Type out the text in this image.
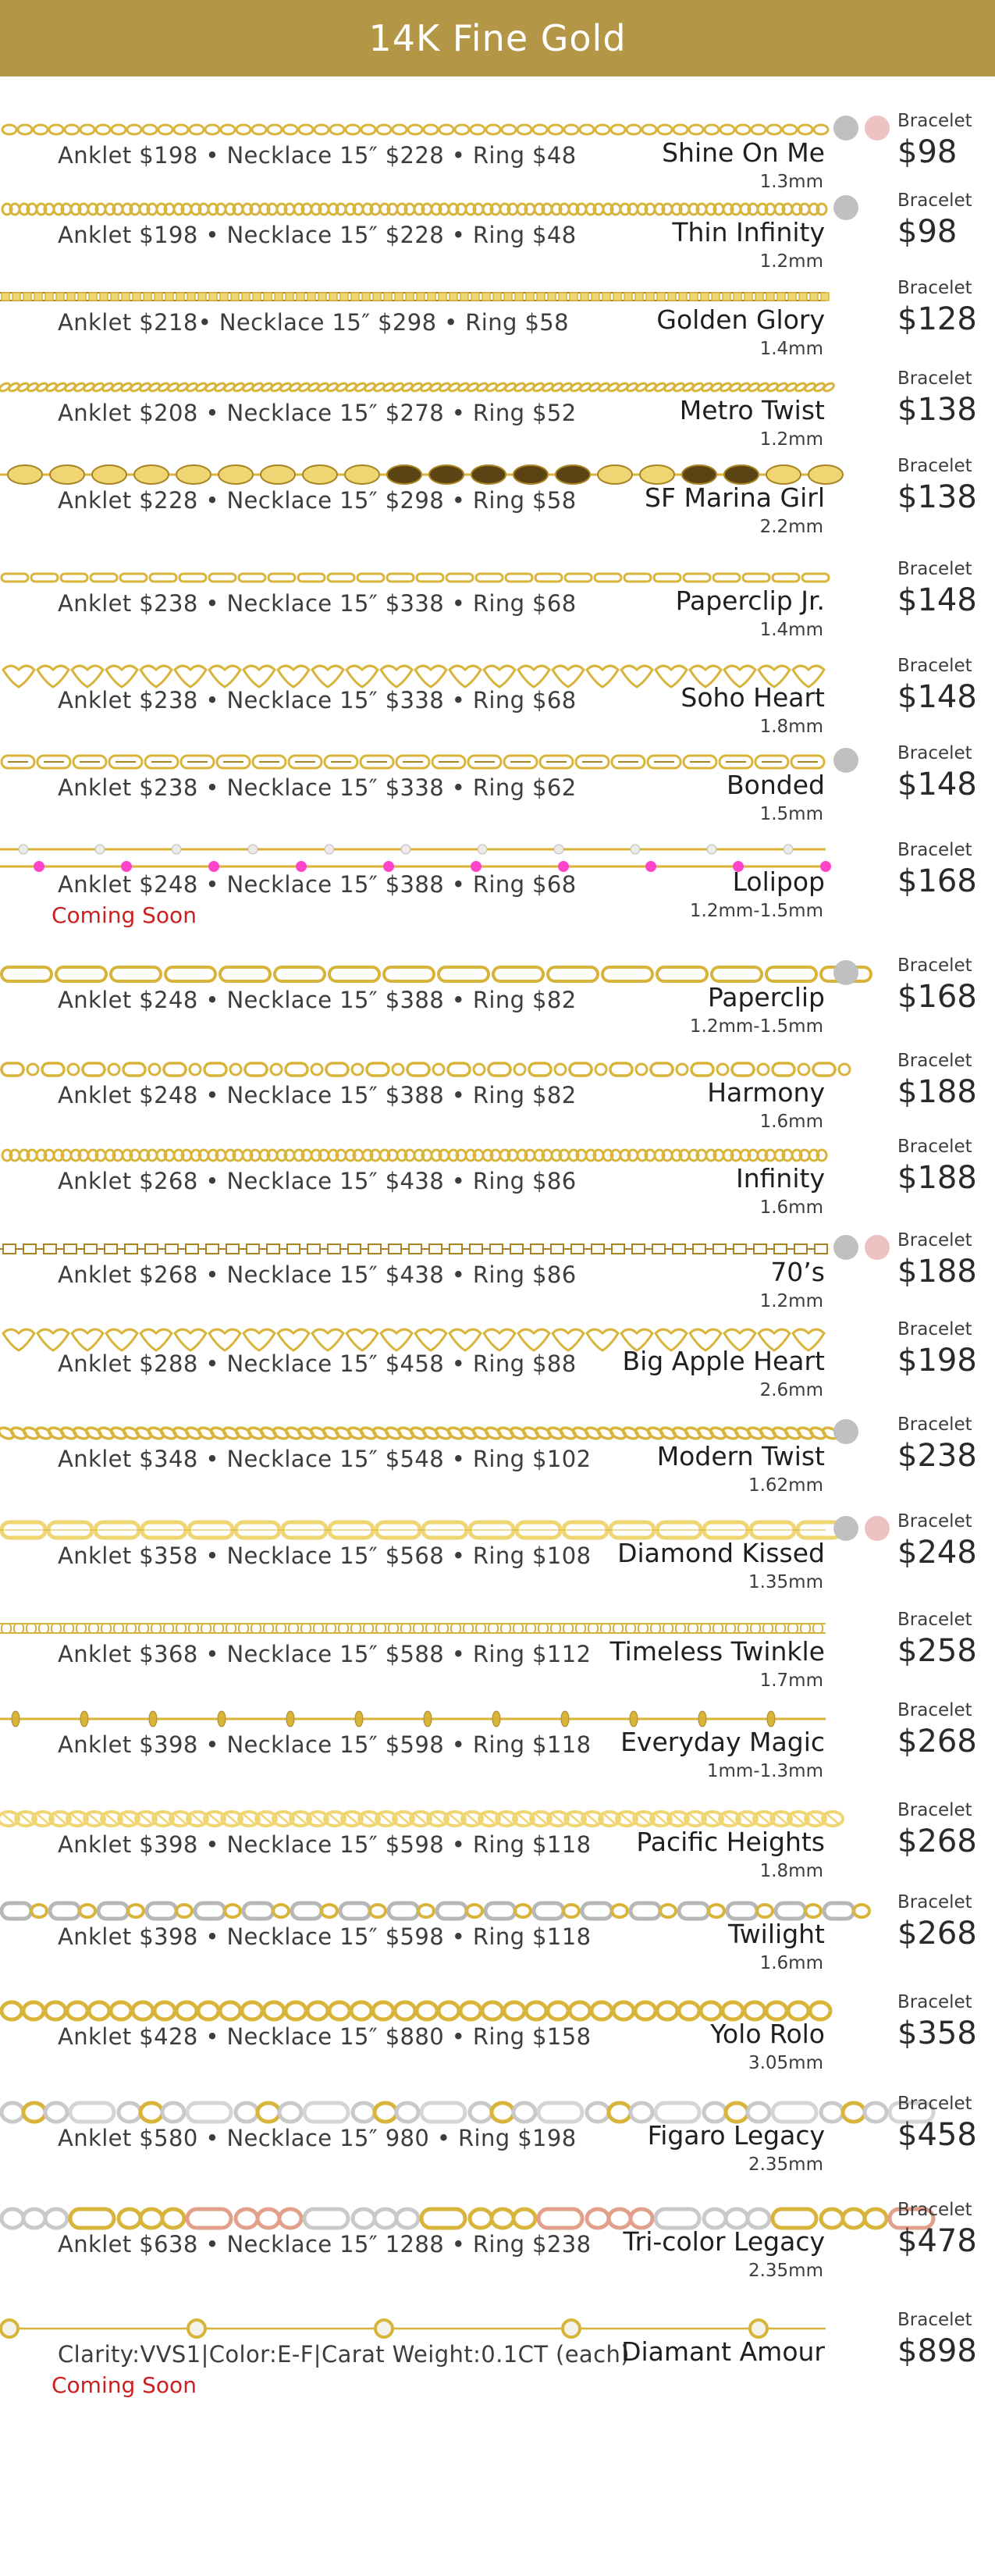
14K Fine Gold
Anklet $198 • Necklace 15″ $228 • Ring $48	Shine On Me
1.3mm
Bracelet
$98
Anklet $198 • Necklace 15″ $228 • Ring $48	Thin Infinity
1.2mm
Bracelet
$98
Anklet $218• Necklace 15″ $298 • Ring $58	Golden Glory
1.4mm
Bracelet
$128
Anklet $208 • Necklace 15″ $278 • Ring $52	Metro Twist
1.2mm
Bracelet
$138
Anklet $228 • Necklace 15″ $298 • Ring $58	SF Marina Girl
2.2mm
Bracelet
$138
Anklet $238 • Necklace 15″ $338 • Ring $68	Paperclip Jr.
1.4mm
Bracelet
$148
Anklet $238 • Necklace 15″ $338 • Ring $68	Soho Heart
1.8mm
Bracelet
$148
Anklet $238 • Necklace 15″ $338 • Ring $62	Bonded
1.5mm
Bracelet
$148
Anklet $248 • Necklace 15″ $388 • Ring $68	Lolipop
1.2mm-1.5mm
Coming Soon
Bracelet
$168
Anklet $248 • Necklace 15″ $388 • Ring $82	Paperclip
1.2mm-1.5mm
Bracelet
$168
Anklet $248 • Necklace 15″ $388 • Ring $82	Harmony
1.6mm
Bracelet
$188
Anklet $268 • Necklace 15″ $438 • Ring $86	Infinity
1.6mm
Bracelet
$188
Anklet $268 • Necklace 15″ $438 • Ring $86	70’s
1.2mm
Bracelet
$188
Anklet $288 • Necklace 15″ $458 • Ring $88 Big Apple Heart
2.6mm
Bracelet
$198
Anklet $348 • Necklace 15″ $548 • Ring $102	Modern Twist
1.62mm
Bracelet
$238
Anklet $358 • Necklace 15″ $568 • Ring $108 Diamond Kissed
1.35mm
Bracelet
$248
Anklet $368 • Necklace 15″ $588 • Ring $112 Timeless Twinkle
1.7mm
Bracelet
$258
Anklet $398 • Necklace 15″ $598 • Ring $118 Everyday Magic
1mm-1.3mm
Bracelet
$268
Anklet $398 • Necklace 15″ $598 • Ring $118 Pacific Heights
1.8mm
Bracelet
$268
Anklet $398 • Necklace 15″ $598 • Ring $118	Twilight
1.6mm
Bracelet
$268
Anklet $428 • Necklace 15″ $880 • Ring $158	Yolo Rolo
3.05mm
Bracelet
$358
Anklet $580 • Necklace 15″ 980 • Ring $198	Figaro Legacy
2.35mm
Bracelet
$458
Anklet $638 • Necklace 15″ 1288 • Ring $238 Tri-color Legacy
2.35mm
Bracelet
$478
Clarity:VVS1|Color:E-F|Carat Weight:0.1CT (each)
Diamant Amour
Coming Soon
Bracelet
$898
